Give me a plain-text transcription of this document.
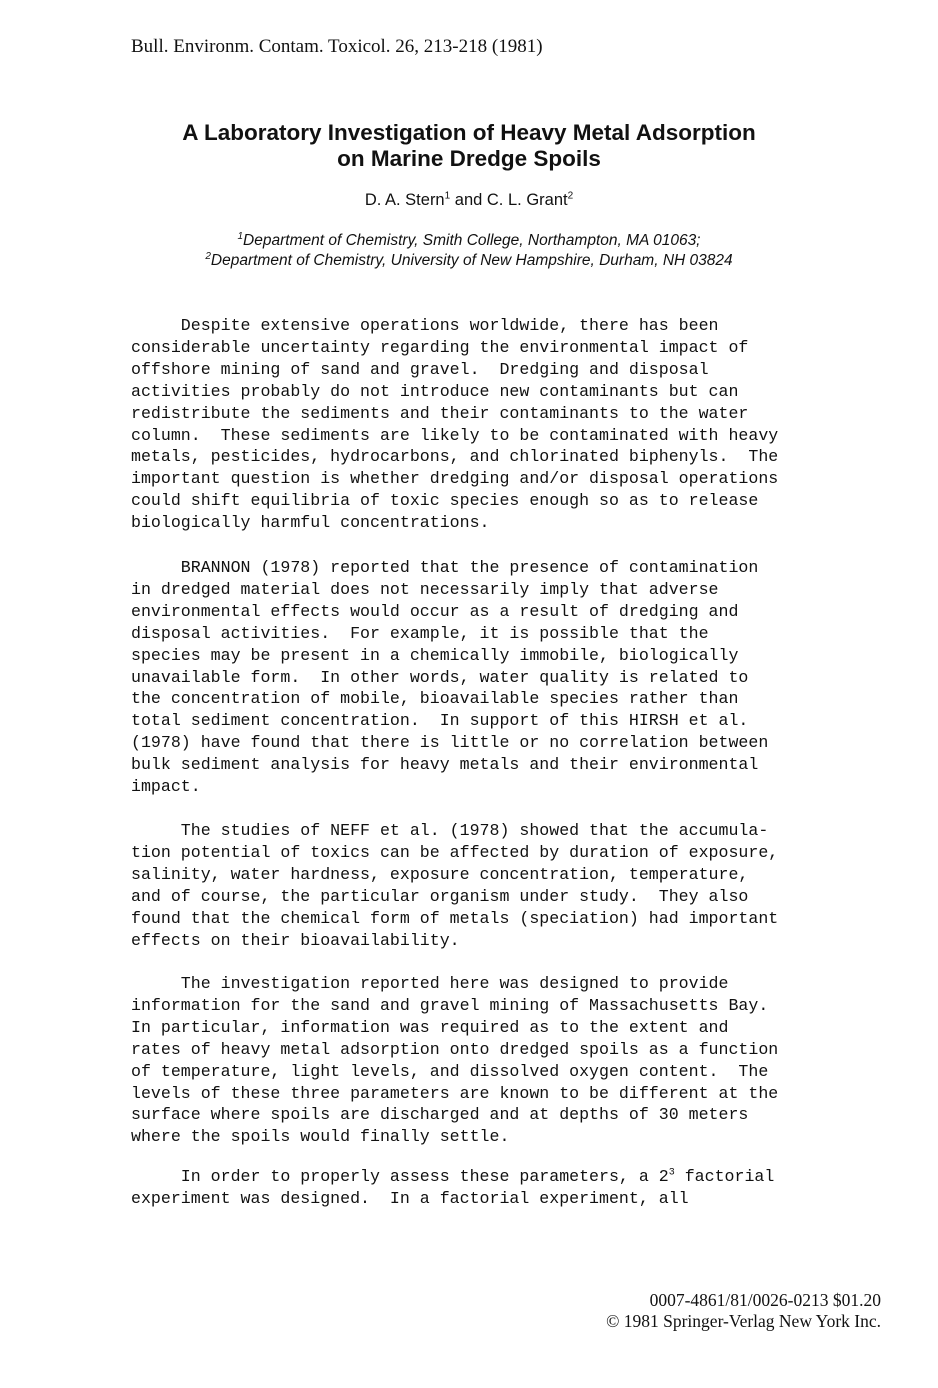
Bull. Environm. Contam. Toxicol. 26, 213-218 (1981)
A Laboratory Investigation of Heavy Metal Adsorption
on Marine Dredge Spoils
D. A. Stern$^1$ and C. L. Grant$^2$
$^1$Department of Chemistry, Smith College, Northampton, MA 01063;
$^2$Department of Chemistry, University of New Hampshire, Durham, NH 03824
Despite extensive operations worldwide, there has been
considerable uncertainty regarding the environmental impact of
offshore mining of sand and gravel.  Dredging and disposal
activities probably do not introduce new contaminants but can
redistribute the sediments and their contaminants to the water
column.  These sediments are likely to be contaminated with heavy
metals, pesticides, hydrocarbons, and chlorinated biphenyls.  The
important question is whether dredging and/or disposal operations
could shift equilibria of toxic species enough so as to release
biologically harmful concentrations.
BRANNON (1978) reported that the presence of contamination
in dredged material does not necessarily imply that adverse
environmental effects would occur as a result of dredging and
disposal activities.  For example, it is possible that the
species may be present in a chemically immobile, biologically
unavailable form.  In other words, water quality is related to
the concentration of mobile, bioavailable species rather than
total sediment concentration.  In support of this HIRSH et al.
(1978) have found that there is little or no correlation between
bulk sediment analysis for heavy metals and their environmental
impact.
The studies of NEFF et al. (1978) showed that the accumula-
tion potential of toxics can be affected by duration of exposure,
salinity, water hardness, exposure concentration, temperature,
and of course, the particular organism under study.  They also
found that the chemical form of metals (speciation) had important
effects on their bioavailability.
The investigation reported here was designed to provide
information for the sand and gravel mining of Massachusetts Bay.
In particular, information was required as to the extent and
rates of heavy metal adsorption onto dredged spoils as a function
of temperature, light levels, and dissolved oxygen content.  The
levels of these three parameters are known to be different at the
surface where spoils are discharged and at depths of 30 meters
where the spoils would finally settle.
In order to properly assess these parameters, a $2^3$ factorial
experiment was designed.  In a factorial experiment, all
0007-4861/81/0026-0213 $01.20
© 1981 Springer-Verlag New York Inc.
